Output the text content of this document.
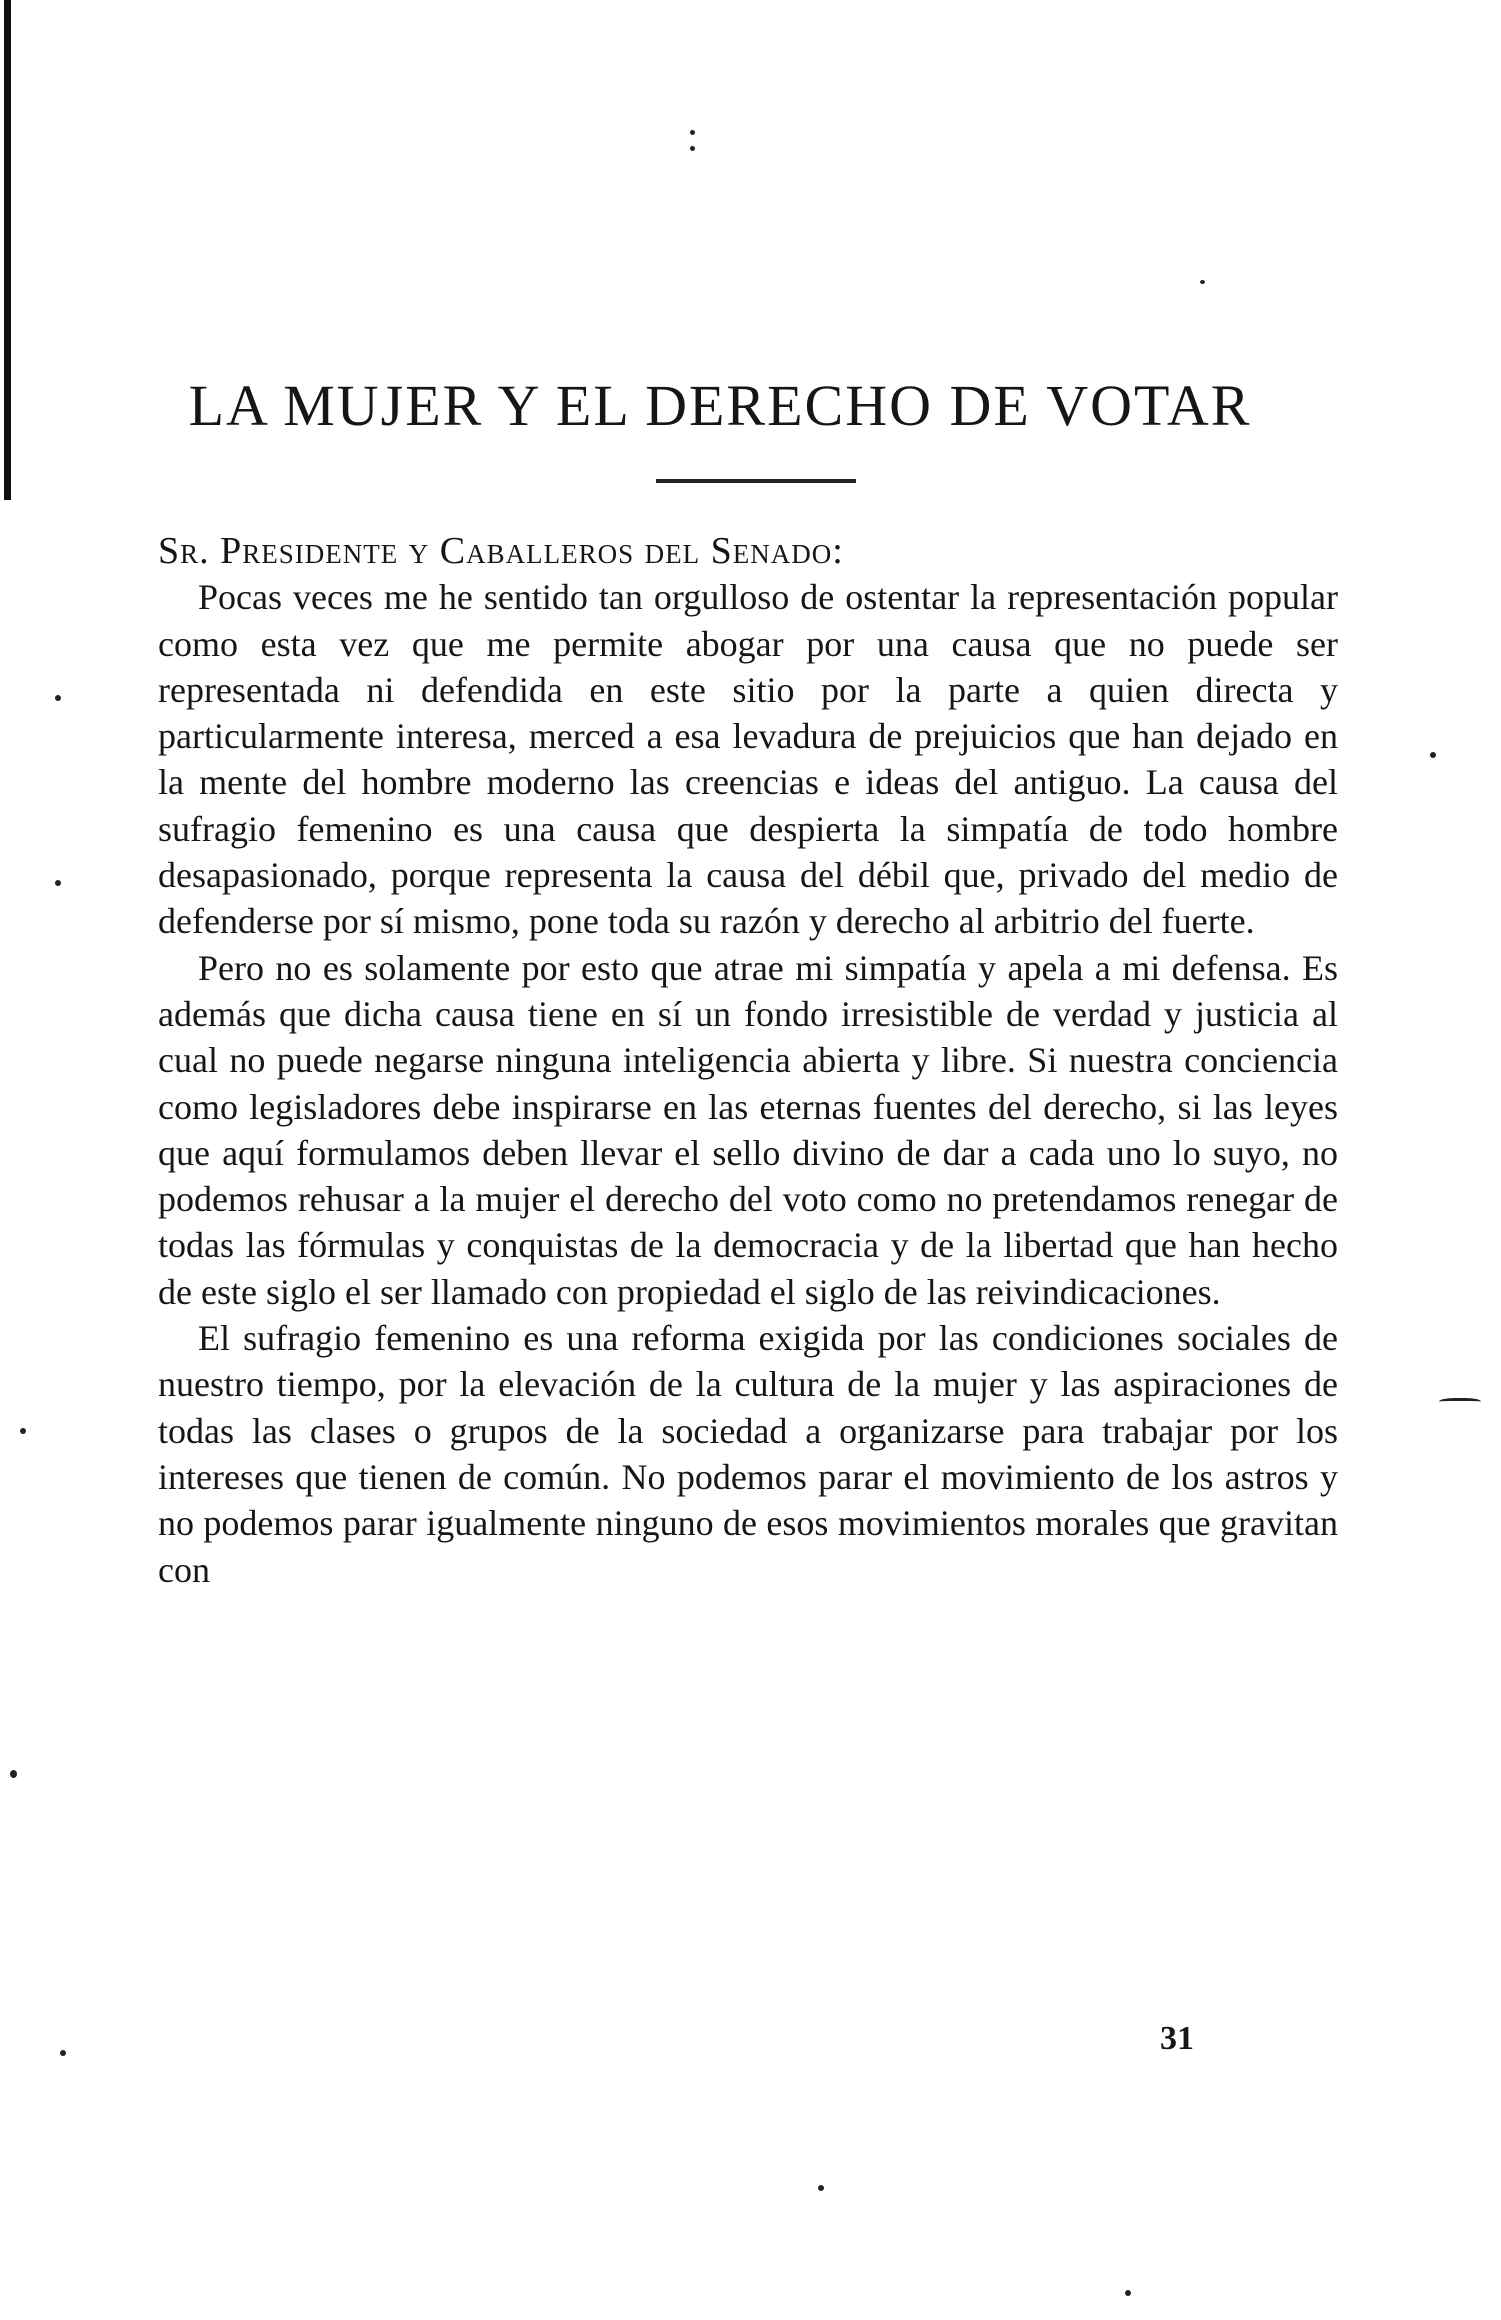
LA MUJER Y EL DERECHO DE VOTAR

Sr. Presidente y Caballeros del Senado:

Pocas veces me he sentido tan orgulloso de ostentar la representación popular como esta vez que me permite abogar por una causa que no puede ser representada ni defendida en este sitio por la parte a quien directa y particularmente interesa, merced a esa levadura de prejuicios que han dejado en la mente del hombre moderno las creencias e ideas del antiguo. La causa del sufragio femenino es una causa que despierta la simpatía de todo hombre desapasionado, porque representa la causa del débil que, privado del medio de defenderse por sí mismo, pone toda su razón y derecho al arbitrio del fuerte.

Pero no es solamente por esto que atrae mi simpatía y apela a mi defensa. Es además que dicha causa tiene en sí un fondo irresistible de verdad y justicia al cual no puede negarse ninguna inteligencia abierta y libre. Si nuestra conciencia como legisladores debe inspirarse en las eternas fuentes del derecho, si las leyes que aquí formulamos deben llevar el sello divino de dar a cada uno lo suyo, no podemos rehusar a la mujer el derecho del voto como no pretendamos renegar de todas las fórmulas y conquistas de la democracia y de la libertad que han hecho de este siglo el ser llamado con propiedad el siglo de las reivindicaciones.

El sufragio femenino es una reforma exigida por las condiciones sociales de nuestro tiempo, por la elevación de la cultura de la mujer y las aspiraciones de todas las clases o grupos de la sociedad a organizarse para trabajar por los intereses que tienen de común. No podemos parar el movimiento de los astros y no podemos parar igualmente ninguno de esos movimientos morales que gravitan con

31
